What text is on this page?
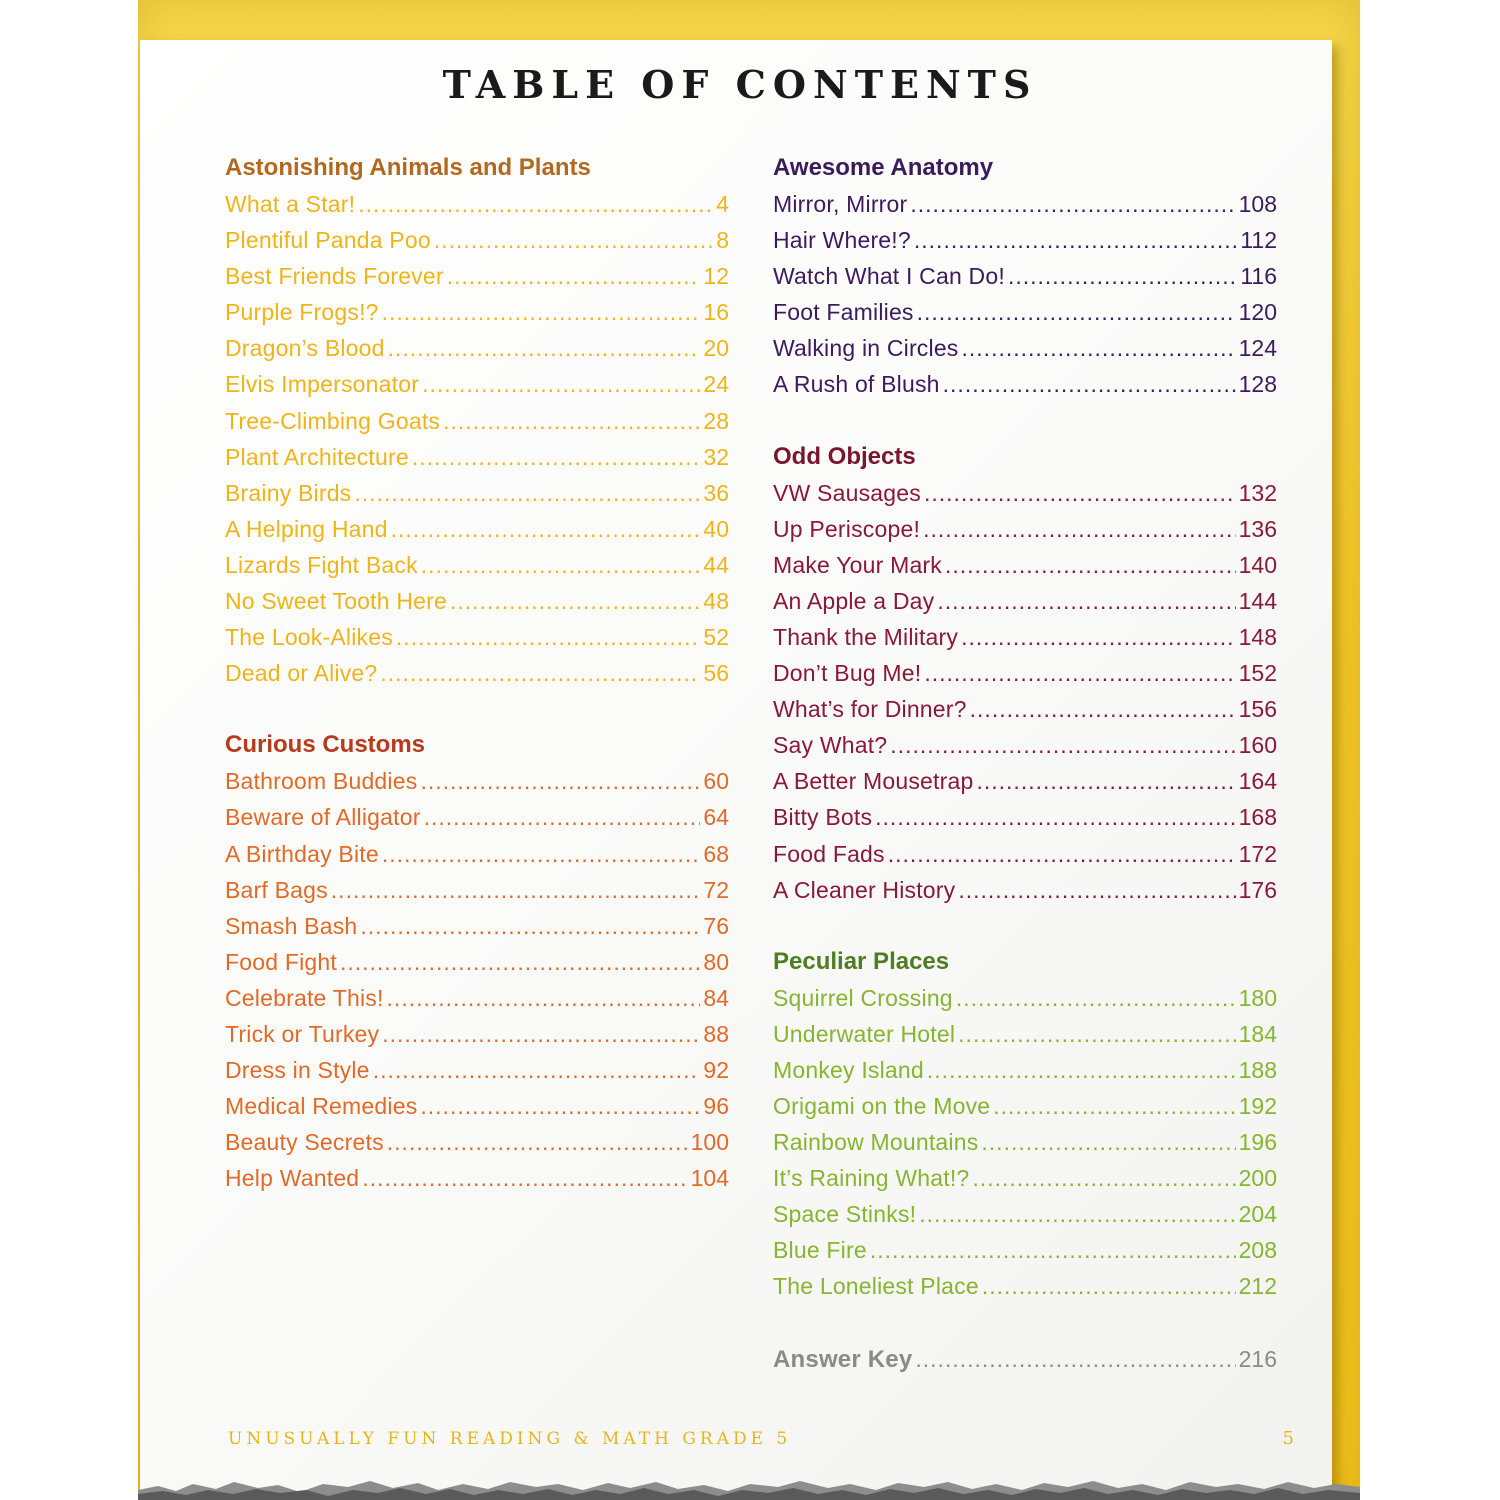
TABLE OF CONTENTS
Astonishing Animals and Plants
What a Star! .....	4
Plentiful Panda Poo .....	8
Best Friends Forever .....	12
Purple Frogs!? .....	16
Dragon’s Blood .....	20
Elvis Impersonator .....	24
Tree-Climbing Goats .....	28
Plant Architecture .....	32
Brainy Birds .....	36
A Helping Hand .....	40
Lizards Fight Back .....	44
No Sweet Tooth Here .....	48
The Look-Alikes .....	52
Dead or Alive? .....	56
Curious Customs
Bathroom Buddies .....	60
Beware of Alligator .....	64
A Birthday Bite .....	68
Barf Bags .....	72
Smash Bash .....	76
Food Fight .....	80
Celebrate This! .....	84
Trick or Turkey .....	88
Dress in Style .....	92
Medical Remedies .....	96
Beauty Secrets .....	100
Help Wanted .....	104
Awesome Anatomy
Mirror, Mirror .....	108
Hair Where!? .....	112
Watch What I Can Do! .....	116
Foot Families .....	120
Walking in Circles .....	124
A Rush of Blush .....	128
Odd Objects
VW Sausages .....	132
Up Periscope! .....	136
Make Your Mark .....	140
An Apple a Day .....	144
Thank the Military .....	148
Don’t Bug Me! .....	152
What’s for Dinner? .....	156
Say What? .....	160
A Better Mousetrap .....	164
Bitty Bots .....	168
Food Fads .....	172
A Cleaner History .....	176
Peculiar Places
Squirrel Crossing .....	180
Underwater Hotel .....	184
Monkey Island .....	188
Origami on the Move .....	192
Rainbow Mountains .....	196
It’s Raining What!? .....	200
Space Stinks! .....	204
Blue Fire .....	208
The Loneliest Place .....	212
Answer Key .....	216
UNUSUALLY FUN READING & MATH GRADE 5	5
